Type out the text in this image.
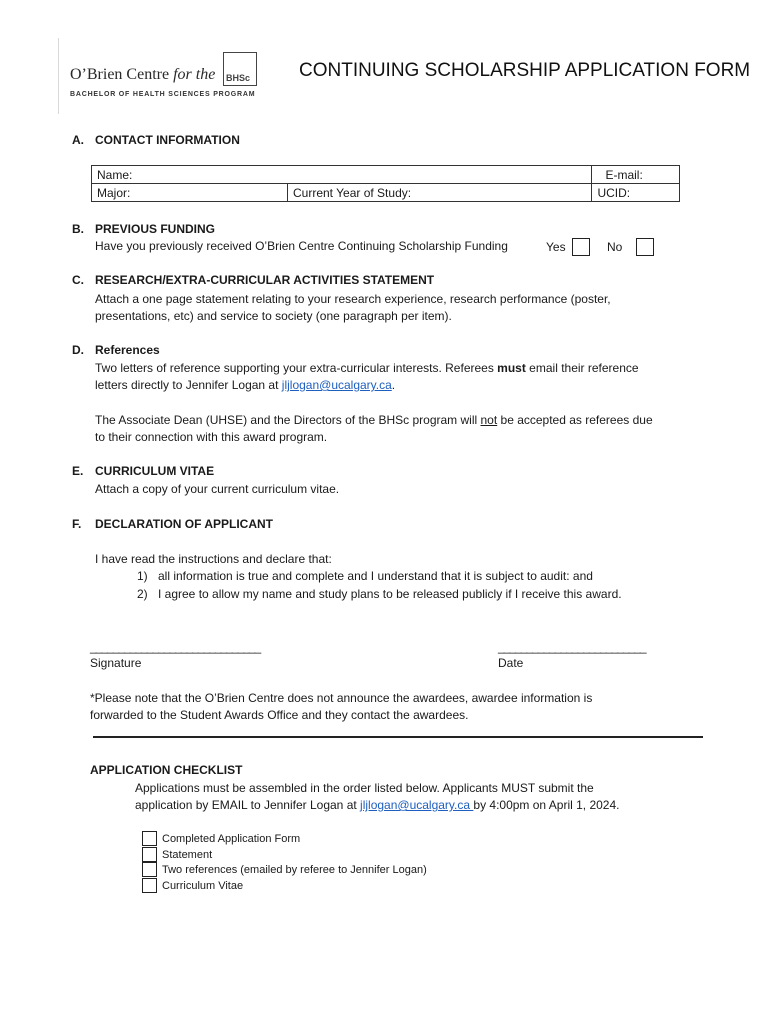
O’Brien Centre for the BHSc
BACHELOR OF HEALTH SCIENCES PROGRAM
CONTINUING SCHOLARSHIP APPLICATION FORM
A. CONTACT INFORMATION
Name:		E-mail:
Major:	Current Year of Study:	UCID:
B. PREVIOUS FUNDING
Have you previously received O’Brien Centre Continuing Scholarship Funding	Yes	No
C. RESEARCH/EXTRA-CURRICULAR ACTIVITIES STATEMENT
Attach a one page statement relating to your research experience, research performance (poster,
presentations, etc) and service to society (one paragraph per item).
D. References
Two letters of reference supporting your extra-curricular interests. Referees must email their reference
letters directly to Jennifer Logan at jljlogan@ucalgary.ca.
The Associate Dean (UHSE) and the Directors of the BHSc program will not be accepted as referees due
to their connection with this award program.
E. CURRICULUM VITAE
Attach a copy of your current curriculum vitae.
F. DECLARATION OF APPLICANT
I have read the instructions and declare that:
1) all information is true and complete and I understand that it is subject to audit: and
2) I agree to allow my name and study plans to be released publicly if I receive this award.
______________________________
Signature
__________________________
Date
*Please note that the O’Brien Centre does not announce the awardees, awardee information is
forwarded to the Student Awards Office and they contact the awardees.
APPLICATION CHECKLIST
Applications must be assembled in the order listed below. Applicants MUST submit the
application by EMAIL to Jennifer Logan at jljlogan@ucalgary.ca by 4:00pm on April 1, 2024.
Completed Application Form
Statement
Two references (emailed by referee to Jennifer Logan)
Curriculum Vitae
